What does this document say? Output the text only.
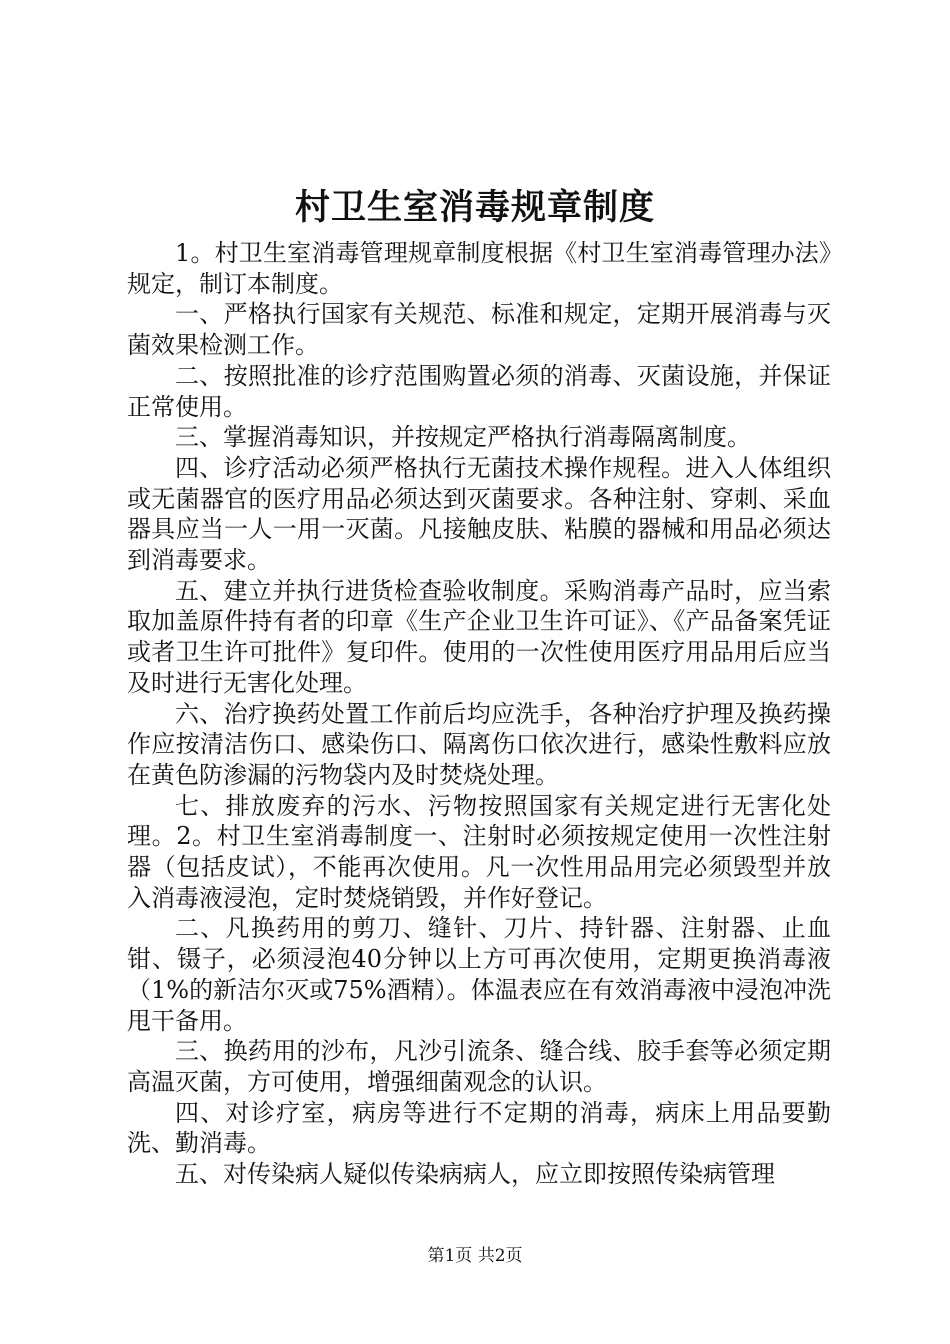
村卫生室消毒规章制度

1。村卫生室消毒管理规章制度根据《村卫生室消毒管理办法》规定，制订本制度。

一、严格执行国家有关规范、标准和规定，定期开展消毒与灭菌效果检测工作。

二、按照批准的诊疗范围购置必须的消毒、灭菌设施，并保证正常使用。

三、掌握消毒知识，并按规定严格执行消毒隔离制度。

四、诊疗活动必须严格执行无菌技术操作规程。进入人体组织或无菌器官的医疗用品必须达到灭菌要求。各种注射、穿刺、采血器具应当一人一用一灭菌。凡接触皮肤、粘膜的器械和用品必须达到消毒要求。

五、建立并执行进货检查验收制度。采购消毒产品时，应当索取加盖原件持有者的印章《生产企业卫生许可证》、《产品备案凭证或者卫生许可批件》复印件。使用的一次性使用医疗用品用后应当及时进行无害化处理。

六、治疗换药处置工作前后均应洗手，各种治疗护理及换药操作应按清洁伤口、感染伤口、隔离伤口依次进行，感染性敷料应放在黄色防渗漏的污物袋内及时焚烧处理。

七、排放废弃的污水、污物按照国家有关规定进行无害化处理。2。村卫生室消毒制度一、注射时必须按规定使用一次性注射器（包括皮试），不能再次使用。凡一次性用品用完必须毁型并放入消毒液浸泡，定时焚烧销毁，并作好登记。

二、凡换药用的剪刀、缝针、刀片、持针器、注射器、止血钳、镊子，必须浸泡40分钟以上方可再次使用，定期更换消毒液（1%的新洁尔灭或75%酒精）。体温表应在有效消毒液中浸泡冲洗甩干备用。

三、换药用的沙布，凡沙引流条、缝合线、胶手套等必须定期高温灭菌，方可使用，增强细菌观念的认识。

四、对诊疗室，病房等进行不定期的消毒，病床上用品要勤洗、勤消毒。

五、对传染病人疑似传染病病人，应立即按照传染病管理

第1页 共2页
